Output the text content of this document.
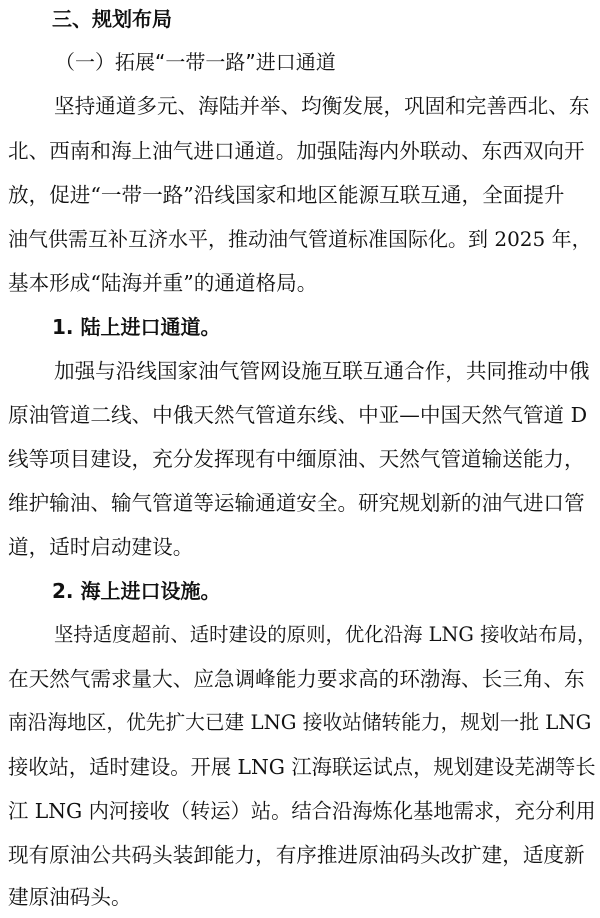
三、规划布局
（一）拓展“一带一路”进口通道
坚持通道多元、海陆并举、均衡发展，巩固和完善西北、东
北、西南和海上油气进口通道。加强陆海内外联动、东西双向开
放，促进“一带一路”沿线国家和地区能源互联互通，全面提升
油气供需互补互济水平，推动油气管道标准国际化。到 2025 年，
基本形成“陆海并重”的通道格局。
1. 陆上进口通道。
加强与沿线国家油气管网设施互联互通合作，共同推动中俄
原油管道二线、中俄天然气管道东线、中亚—中国天然气管道 D
线等项目建设，充分发挥现有中缅原油、天然气管道输送能力，
维护输油、输气管道等运输通道安全。研究规划新的油气进口管
道，适时启动建设。
2. 海上进口设施。
坚持适度超前、适时建设的原则，优化沿海 LNG 接收站布局，
在天然气需求量大、应急调峰能力要求高的环渤海、长三角、东
南沿海地区，优先扩大已建 LNG 接收站储转能力，规划一批 LNG
接收站，适时建设。开展 LNG 江海联运试点，规划建设芜湖等长
江 LNG 内河接收（转运）站。结合沿海炼化基地需求，充分利用
现有原油公共码头装卸能力，有序推进原油码头改扩建，适度新
建原油码头。
